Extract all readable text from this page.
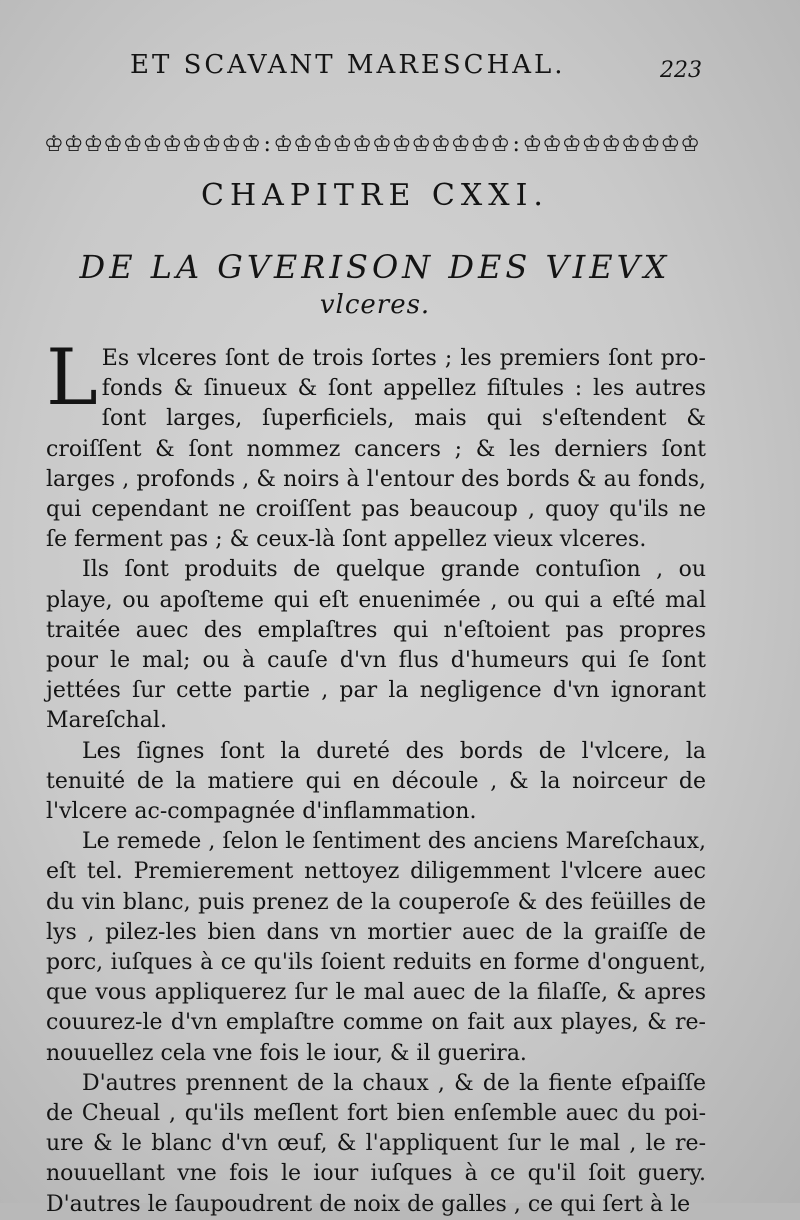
ET SCAVANT MARESCHAL.	223
♔♔♔♔♔♔♔♔♔♔♔ : ♔♔♔♔♔♔♔♔♔♔♔♔ : ♔♔♔♔♔♔♔♔♔
CHAPITRE CXXI.
DE LA GVERISON DES VIEVX
vlceres.

L Es vlceres ſont de trois ſortes ; les premiers ſont pro-fonds & ſinueux & ſont appellez fiſtules : les autres ſont larges, ſuperficiels, mais qui s'eſtendent & croiſſent & ſont nommez cancers ; & les derniers ſont larges , profonds , & noirs à l'entour des bords & au fonds, qui cependant ne croiſſent pas beaucoup , quoy qu'ils ne ſe ferment pas ; & ceux-là ſont appellez vieux vlceres.

Ils ſont produits de quelque grande contuſion , ou playe, ou apoſteme qui eſt enuenimée , ou qui a eſté mal traitée auec des emplaſtres qui n'eſtoient pas propres pour le mal; ou à cauſe d'vn flus d'humeurs qui ſe ſont jettées ſur cette partie , par la negligence d'vn ignorant Mareſchal.

Les ſignes ſont la dureté des bords de l'vlcere, la tenuité de la matiere qui en découle , & la noirceur de l'vlcere ac-compagnée d'inflammation.

Le remede , ſelon le ſentiment des anciens Mareſchaux, eſt tel. Premierement nettoyez diligemment l'vlcere auec du vin blanc, puis prenez de la couperoſe & des feüilles de lys , pilez-les bien dans vn mortier auec de la graiſſe de porc, iuſques à ce qu'ils ſoient reduits en forme d'onguent, que vous appliquerez ſur le mal auec de la filaſſe, & apres couurez-le d'vn emplaſtre comme on fait aux playes, & re-nouuellez cela vne fois le iour, & il guerira.

D'autres prennent de la chaux , & de la fiente eſpaiſſe de Cheual , qu'ils meſlent fort bien enſemble auec du poi-ure & le blanc d'vn œuf, & l'appliquent ſur le mal , le re-nouuellant vne fois le iour iuſques à ce qu'il ſoit guery. D'autres le ſaupoudrent de noix de galles , ce qui ſert à le
